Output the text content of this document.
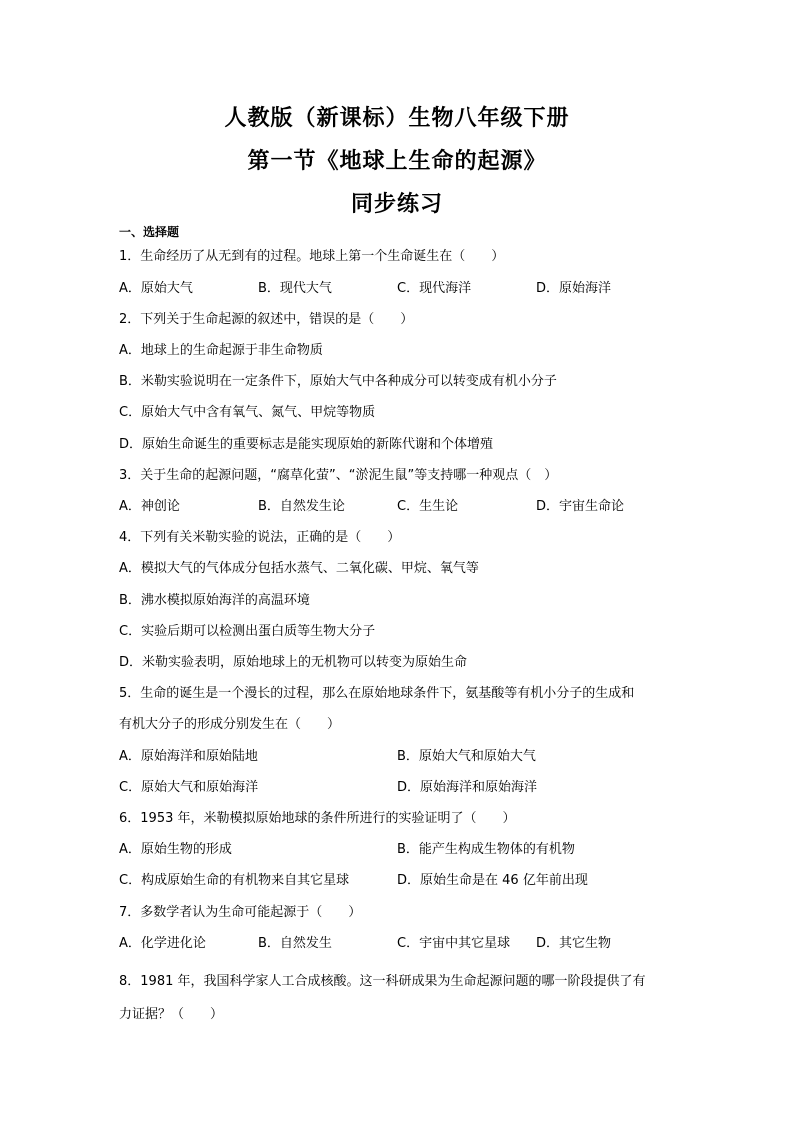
人教版（新课标）生物八年级下册
第一节《地球上生命的起源》
同步练习
一、选择题
1．生命经历了从无到有的过程。地球上第一个生命诞生在（　　）
A．原始大气	B．现代大气	C．现代海洋	D．原始海洋
2．下列关于生命起源的叙述中，错误的是（　　）
A．地球上的生命起源于非生命物质
B．米勒实验说明在一定条件下，原始大气中各种成分可以转变成有机小分子
C．原始大气中含有氧气、氮气、甲烷等物质
D．原始生命诞生的重要标志是能实现原始的新陈代谢和个体增殖
3．关于生命的起源问题，“腐草化萤”、“淤泥生鼠”等支持哪一种观点（　）
A．神创论	B．自然发生论	C．生生论	D．宇宙生命论
4．下列有关米勒实验的说法，正确的是（　　）
A．模拟大气的气体成分包括水蒸气、二氧化碳、甲烷、氧气等
B．沸水模拟原始海洋的高温环境
C．实验后期可以检测出蛋白质等生物大分子
D．米勒实验表明，原始地球上的无机物可以转变为原始生命
5．生命的诞生是一个漫长的过程，那么在原始地球条件下，氨基酸等有机小分子的生成和
有机大分子的形成分别发生在（　　）
A．原始海洋和原始陆地	B．原始大气和原始大气
C．原始大气和原始海洋	D．原始海洋和原始海洋
6．1953 年，米勒模拟原始地球的条件所进行的实验证明了（　　）
A．原始生物的形成	B．能产生构成生物体的有机物
C．构成原始生命的有机物来自其它星球	D．原始生命是在 46 亿年前出现
7．多数学者认为生命可能起源于（　　）
A．化学进化论	B．自然发生	C．宇宙中其它星球 D．其它生物
8．1981 年，我国科学家人工合成核酸。这一科研成果为生命起源问题的哪一阶段提供了有
力证据？（　　）
